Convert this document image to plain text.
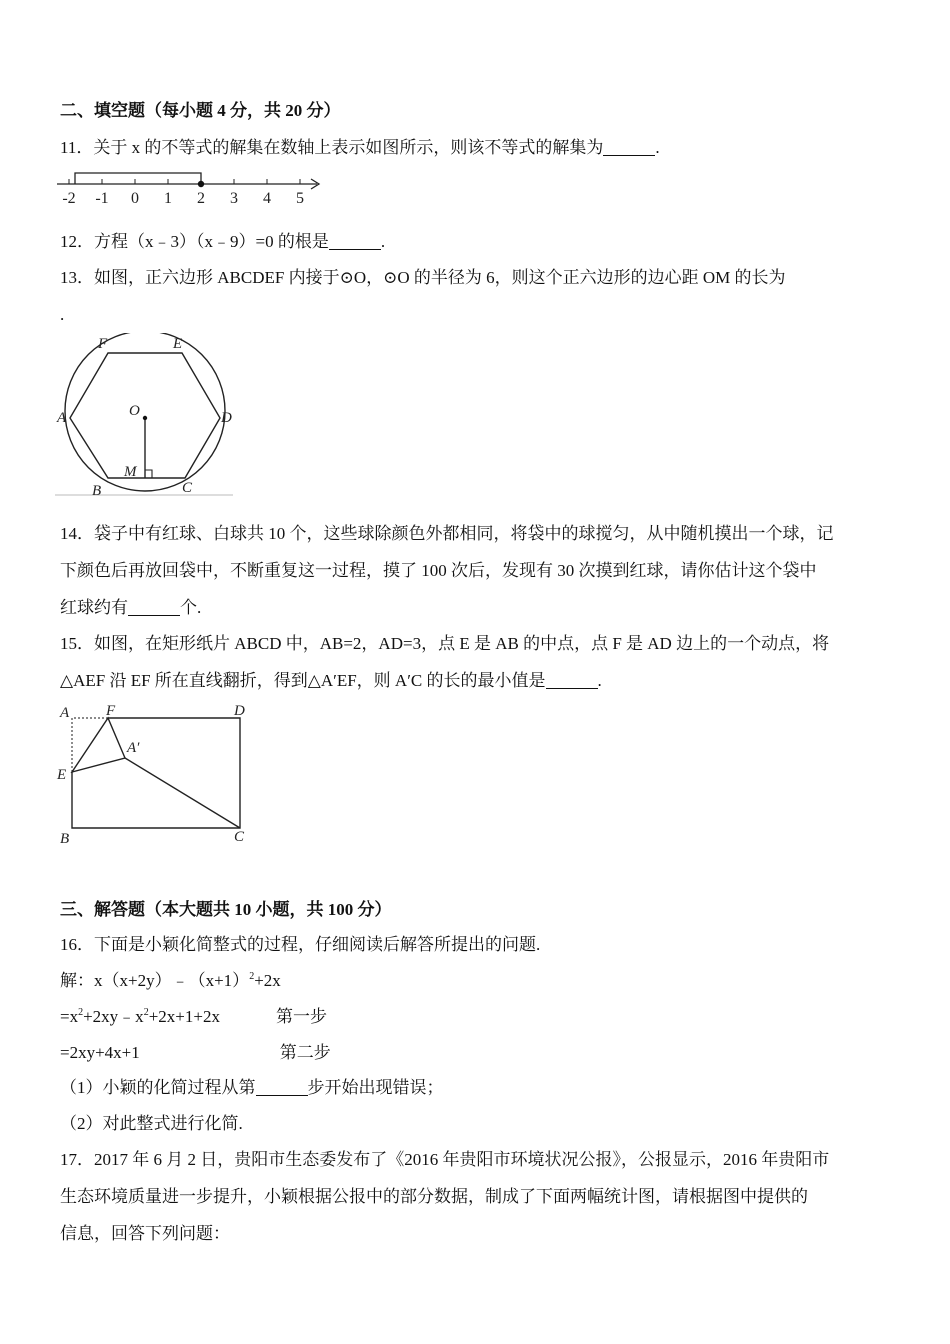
二、填空题（每小题 4 分，共 20 分）
11．关于 x 的不等式的解集在数轴上表示如图所示，则该不等式的解集为	.
-2 -1 0 1 2 3 4 5
12．方程（x﹣3）（x﹣9）=0 的根是	.
13．如图，正六边形 ABCDEF 内接于⊙O，⊙O 的半径为 6，则这个正六边形的边心距 OM 的长为
.
F	E
A	D
O
M
B	C
14．袋子中有红球、白球共 10 个，这些球除颜色外都相同，将袋中的球搅匀，从中随机摸出一个球，记
下颜色后再放回袋中，不断重复这一过程，摸了 100 次后，发现有 30 次摸到红球，请你估计这个袋中
红球约有	个.
15．如图，在矩形纸片 ABCD 中，AB=2，AD=3，点 E 是 AB 的中点，点 F 是 AD 边上的一个动点，将
△AEF 沿 EF 所在直线翻折，得到△A′EF，则 A′C 的长的最小值是	.
A F	D
A′
E
B	C
三、解答题（本大题共 10 小题，共 100 分）
16．下面是小颖化简整式的过程，仔细阅读后解答所提出的问题.
解：$x(x+2y)﹣(x+1)^2+2x$
$=x^2+2xy﹣x^2+2x+1+2x$	第一步
=2xy+4x+1	第二步
（1）小颖的化简过程从第	步开始出现错误；
（2）对此整式进行化简.
17．2017 年 6 月 2 日，贵阳市生态委发布了《2016 年贵阳市环境状况公报》，公报显示，2016 年贵阳市
生态环境质量进一步提升，小颖根据公报中的部分数据，制成了下面两幅统计图，请根据图中提供的
信息，回答下列问题：
